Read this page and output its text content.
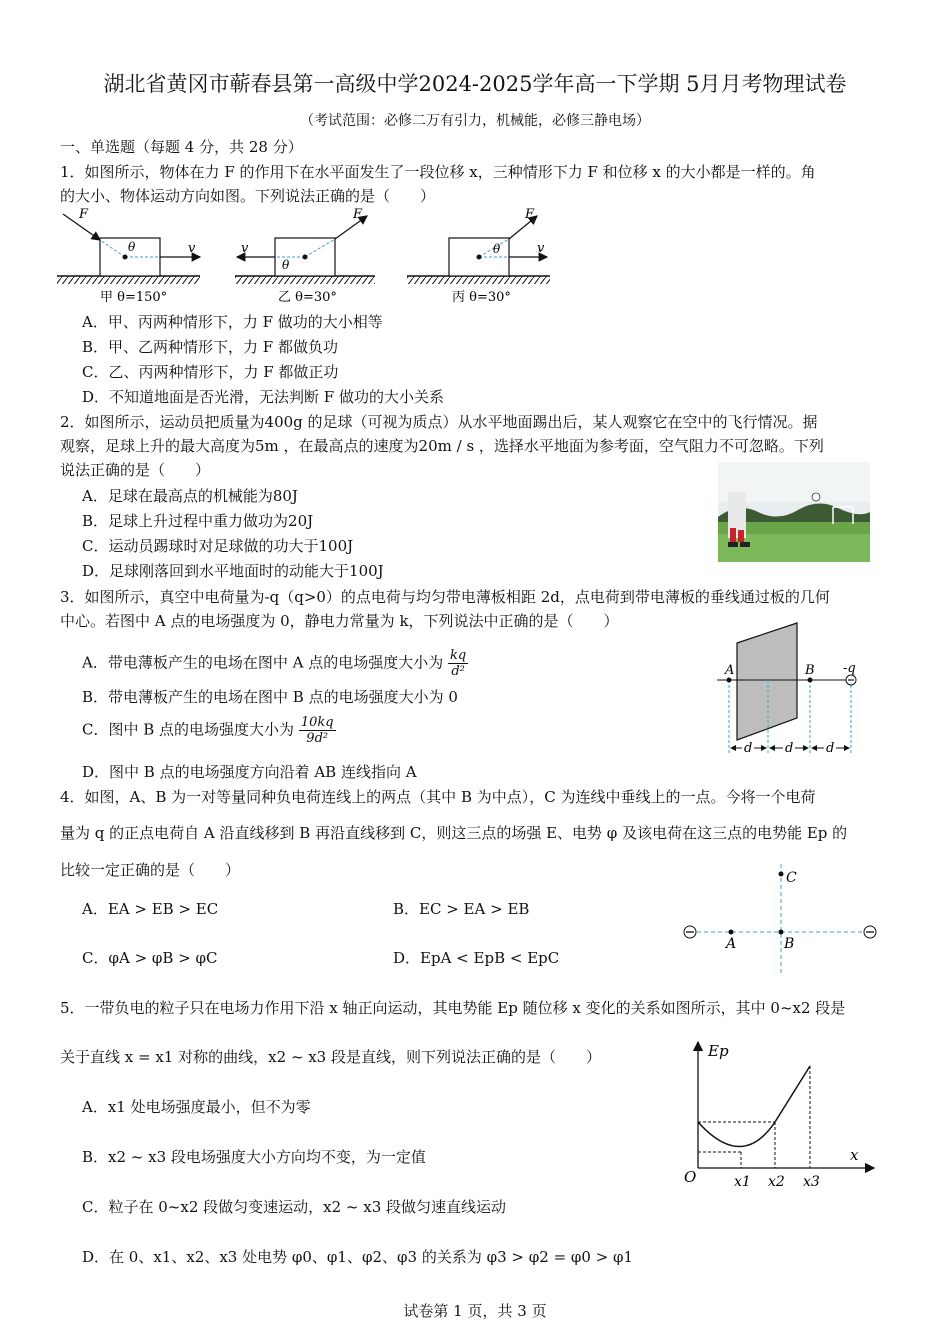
湖北省黄冈市蕲春县第一高级中学2024-2025学年高一下学期 5月月考物理试卷
（考试范围：必修二万有引力，机械能，必修三静电场）
一、单选题（每题 4 分，共 28 分）
1．如图所示，物体在力 F 的作用下在水平面发生了一段位移 x，三种情形下力 F 和位移 x 的大小都是一样的。角
的大小、物体运动方向如图。下列说法正确的是（　　）
F
v
θ
甲 θ=150°
F
v
θ
乙 θ=30°
F
v
θ
丙 θ=30°
A．甲、丙两种情形下，力 F 做功的大小相等
B．甲、乙两种情形下，力 F 都做负功
C．乙、丙两种情形下，力 F 都做正功
D．不知道地面是否光滑，无法判断 F 做功的大小关系
2．如图所示，运动员把质量为400g 的足球（可视为质点）从水平地面踢出后，某人观察它在空中的飞行情况。据
观察，足球上升的最大高度为5m ，在最高点的速度为20m / s ，选择水平地面为参考面，空气阻力不可忽略。下列
说法正确的是（　　）
A．足球在最高点的机械能为80J
B．足球上升过程中重力做功为20J
C．运动员踢球时对足球做的功大于100J
D．足球刚落回到水平地面时的动能大于100J
3．如图所示，真空中电荷量为-q（q>0）的点电荷与均匀带电薄板相距 2d，点电荷到带电薄板的垂线通过板的几何
中心。若图中 A 点的电场强度为 0，静电力常量为 k，下列说法中正确的是（　　）
A．带电薄板产生的电场在图中 A 点的电场强度大小为 $\frac{kq}{\text{d²}}$
B．带电薄板产生的电场在图中 B 点的电场强度大小为 0
C．图中 B 点的电场强度大小为 $\frac{10kq}{\text{9d²}}$
D．图中 B 点的电场强度方向沿着 AB 连线指向 A
A	B -q
d	d	d
4．如图，A、B 为一对等量同种负电荷连线上的两点（其中 B 为中点），C 为连线中垂线上的一点。今将一个电荷
量为 q 的正点电荷自 A 沿直线移到 B 再沿直线移到 C，则这三点的场强 E、电势 φ 及该电荷在这三点的电势能 Ep 的
比较一定正确的是（　　）
A．EA > EB > EC	B．EC > EA > EB
C．φA > φB > φC	D．EpA < EpB < EpC
C
A	B
5．一带负电的粒子只在电场力作用下沿 x 轴正向运动，其电势能 Ep 随位移 x 变化的关系如图所示，其中 0~x2 段是
关于直线 x = x1 对称的曲线，x2 ~ x3 段是直线，则下列说法正确的是（　　）
A．x1 处电场强度最小，但不为零
B．x2 ~ x3 段电场强度大小方向均不变，为一定值
C．粒子在 0~x2 段做匀变速运动，x2 ~ x3 段做匀速直线运动
D．在 0、x1、x2、x3 处电势 φ0、φ1、φ2、φ3 的关系为 φ3 > φ2 = φ0 > φ1
Ep
O
x
x1 x2 x3
试卷第 1 页，共 3 页
